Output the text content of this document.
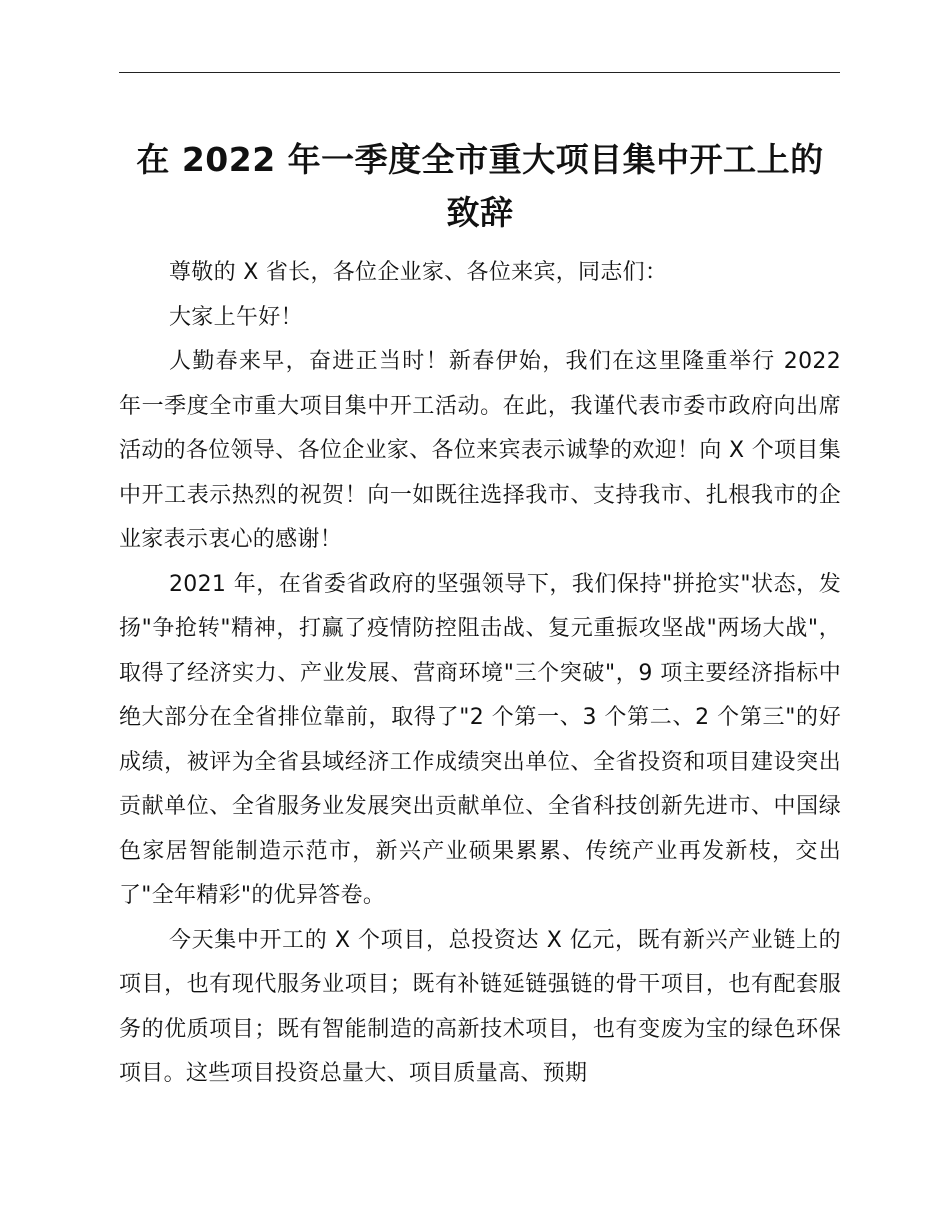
在 2022 年一季度全市重大项目集中开工上的
致辞

尊敬的 X 省长，各位企业家、各位来宾，同志们：

大家上午好！

人勤春来早，奋进正当时！新春伊始，我们在这里隆重举行 2022 年一季度全市重大项目集中开工活动。在此，我谨代表市委市政府向出席活动的各位领导、各位企业家、各位来宾表示诚挚的欢迎！向 X 个项目集中开工表示热烈的祝贺！向一如既往选择我市、支持我市、扎根我市的企业家表示衷心的感谢！

2021 年，在省委省政府的坚强领导下，我们保持"拼抢实"状态，发扬"争抢转"精神，打赢了疫情防控阻击战、复元重振攻坚战"两场大战"，取得了经济实力、产业发展、营商环境"三个突破"，9 项主要经济指标中绝大部分在全省排位靠前，取得了"2 个第一、3 个第二、2 个第三"的好成绩，被评为全省县域经济工作成绩突出单位、全省投资和项目建设突出贡献单位、全省服务业发展突出贡献单位、全省科技创新先进市、中国绿色家居智能制造示范市，新兴产业硕果累累、传统产业再发新枝，交出了"全年精彩"的优异答卷。

今天集中开工的 X 个项目，总投资达 X 亿元，既有新兴产业链上的项目，也有现代服务业项目；既有补链延链强链的骨干项目，也有配套服务的优质项目；既有智能制造的高新技术项目，也有变废为宝的绿色环保项目。这些项目投资总量大、项目质量高、预期
